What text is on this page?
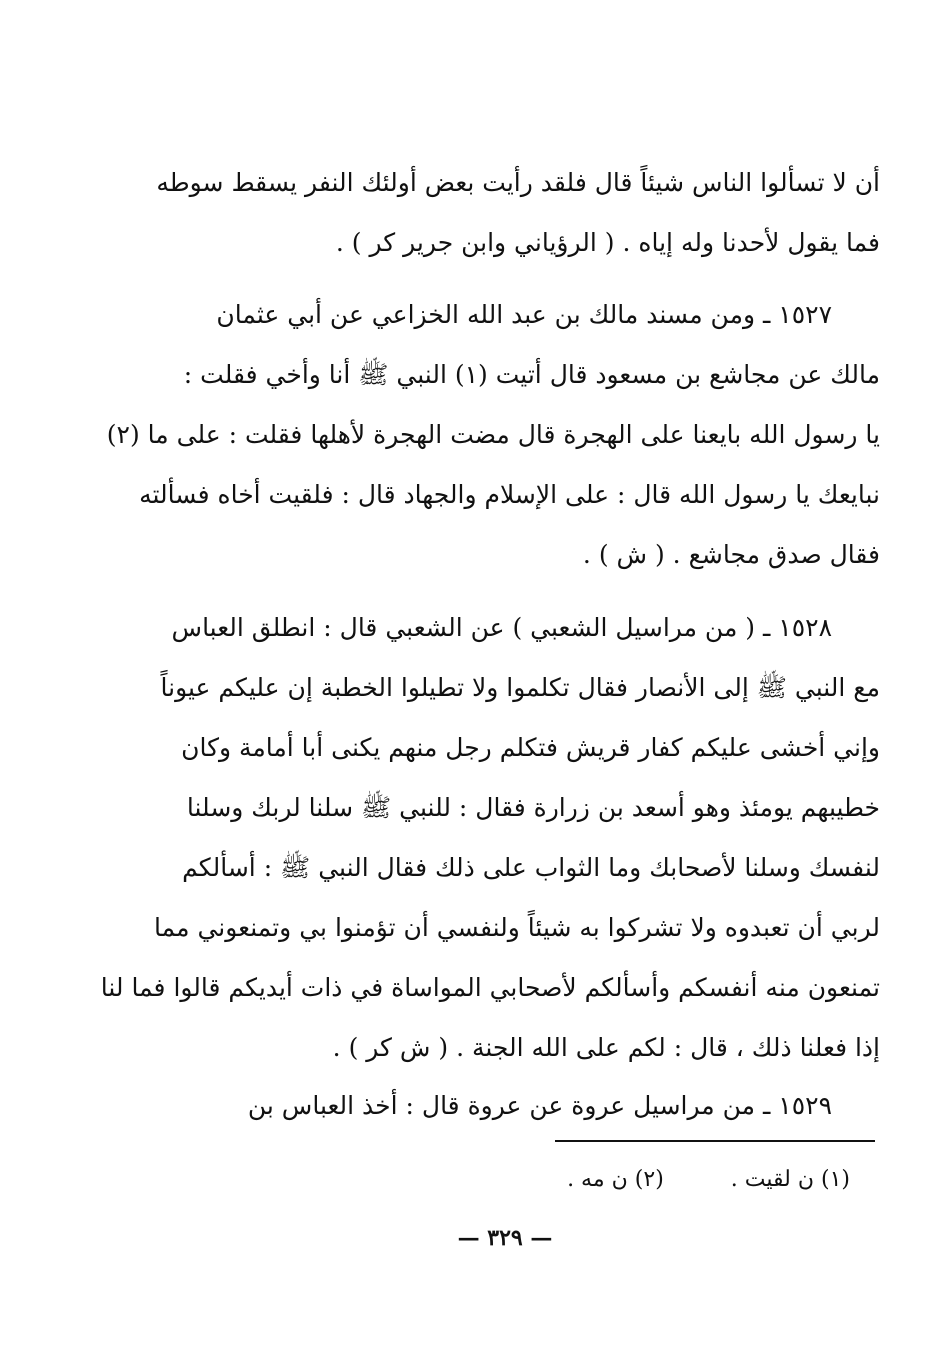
أن لا تسألوا الناس شيئاً قال فلقد رأيت بعض أولئك النفر يسقط سوطه
فما يقول لأحدنا وله إياه . ( الرؤياني وابن جرير كر ) .
١٥٢٧ ـ ومن مسند مالك بن عبد الله الخزاعي عن أبي عثمان
مالك عن مجاشع بن مسعود قال أتيت (١) النبي ﷺ أنا وأخي فقلت :
يا رسول الله بايعنا على الهجرة قال مضت الهجرة لأهلها فقلت : على ما (٢)
نبايعك يا رسول الله قال : على الإسلام والجهاد قال : فلقيت أخاه فسألته
فقال صدق مجاشع . ( ش ) .
١٥٢٨ ـ ( من مراسيل الشعبي ) عن الشعبي قال : انطلق العباس
مع النبي ﷺ إلى الأنصار فقال تكلموا ولا تطيلوا الخطبة إن عليكم عيوناً
وإني أخشى عليكم كفار قريش فتكلم رجل منهم يكنى أبا أمامة وكان
خطيبهم يومئذ وهو أسعد بن زرارة فقال : للنبي ﷺ سلنا لربك وسلنا
لنفسك وسلنا لأصحابك وما الثواب على ذلك فقال النبي ﷺ : أسألكم
لربي أن تعبدوه ولا تشركوا به شيئاً ولنفسي أن تؤمنوا بي وتمنعوني مما
تمنعون منه أنفسكم وأسألكم لأصحابي المواساة في ذات أيديكم قالوا فما لنا
إذا فعلنا ذلك ، قال : لكم على الله الجنة . ( ش كر ) .
١٥٢٩ ـ من مراسيل عروة عن عروة قال : أخذ العباس بن
(١) ن لقيت . (٢) ن مه .
— ٣٢٩ —
